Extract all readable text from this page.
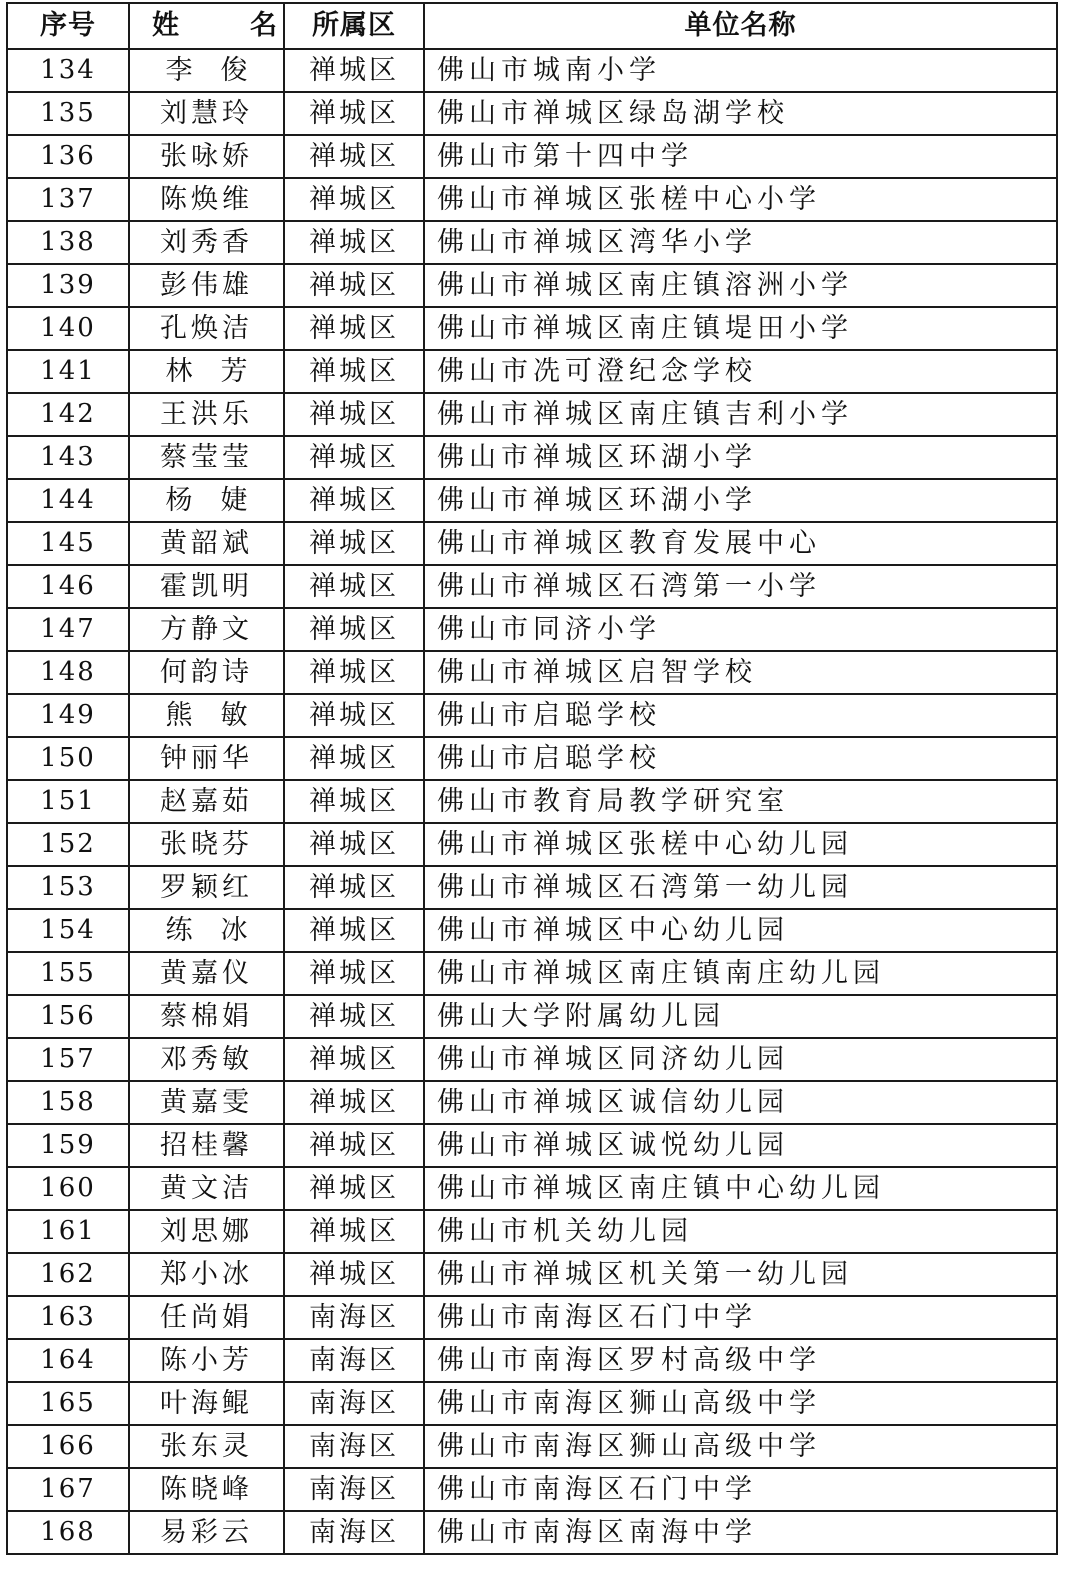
序号	姓　名	所属区	单位名称
134	李俊	禅城区	佛山市城南小学
135	刘慧玲	禅城区	佛山市禅城区绿岛湖学校
136	张咏娇	禅城区	佛山市第十四中学
137	陈焕维	禅城区	佛山市禅城区张槎中心小学
138	刘秀香	禅城区	佛山市禅城区湾华小学
139	彭伟雄	禅城区	佛山市禅城区南庄镇溶洲小学
140	孔焕洁	禅城区	佛山市禅城区南庄镇堤田小学
141	林芳	禅城区	佛山市冼可澄纪念学校
142	王洪乐	禅城区	佛山市禅城区南庄镇吉利小学
143	蔡莹莹	禅城区	佛山市禅城区环湖小学
144	杨婕	禅城区	佛山市禅城区环湖小学
145	黄韶斌	禅城区	佛山市禅城区教育发展中心
146	霍凯明	禅城区	佛山市禅城区石湾第一小学
147	方静文	禅城区	佛山市同济小学
148	何韵诗	禅城区	佛山市禅城区启智学校
149	熊敏	禅城区	佛山市启聪学校
150	钟丽华	禅城区	佛山市启聪学校
151	赵嘉茹	禅城区	佛山市教育局教学研究室
152	张晓芬	禅城区	佛山市禅城区张槎中心幼儿园
153	罗颖红	禅城区	佛山市禅城区石湾第一幼儿园
154	练冰	禅城区	佛山市禅城区中心幼儿园
155	黄嘉仪	禅城区	佛山市禅城区南庄镇南庄幼儿园
156	蔡棉娟	禅城区	佛山大学附属幼儿园
157	邓秀敏	禅城区	佛山市禅城区同济幼儿园
158	黄嘉雯	禅城区	佛山市禅城区诚信幼儿园
159	招桂馨	禅城区	佛山市禅城区诚悦幼儿园
160	黄文洁	禅城区	佛山市禅城区南庄镇中心幼儿园
161	刘思娜	禅城区	佛山市机关幼儿园
162	郑小冰	禅城区	佛山市禅城区机关第一幼儿园
163	任尚娟	南海区	佛山市南海区石门中学
164	陈小芳	南海区	佛山市南海区罗村高级中学
165	叶海鲲	南海区	佛山市南海区狮山高级中学
166	张东灵	南海区	佛山市南海区狮山高级中学
167	陈晓峰	南海区	佛山市南海区石门中学
168	易彩云	南海区	佛山市南海区南海中学
